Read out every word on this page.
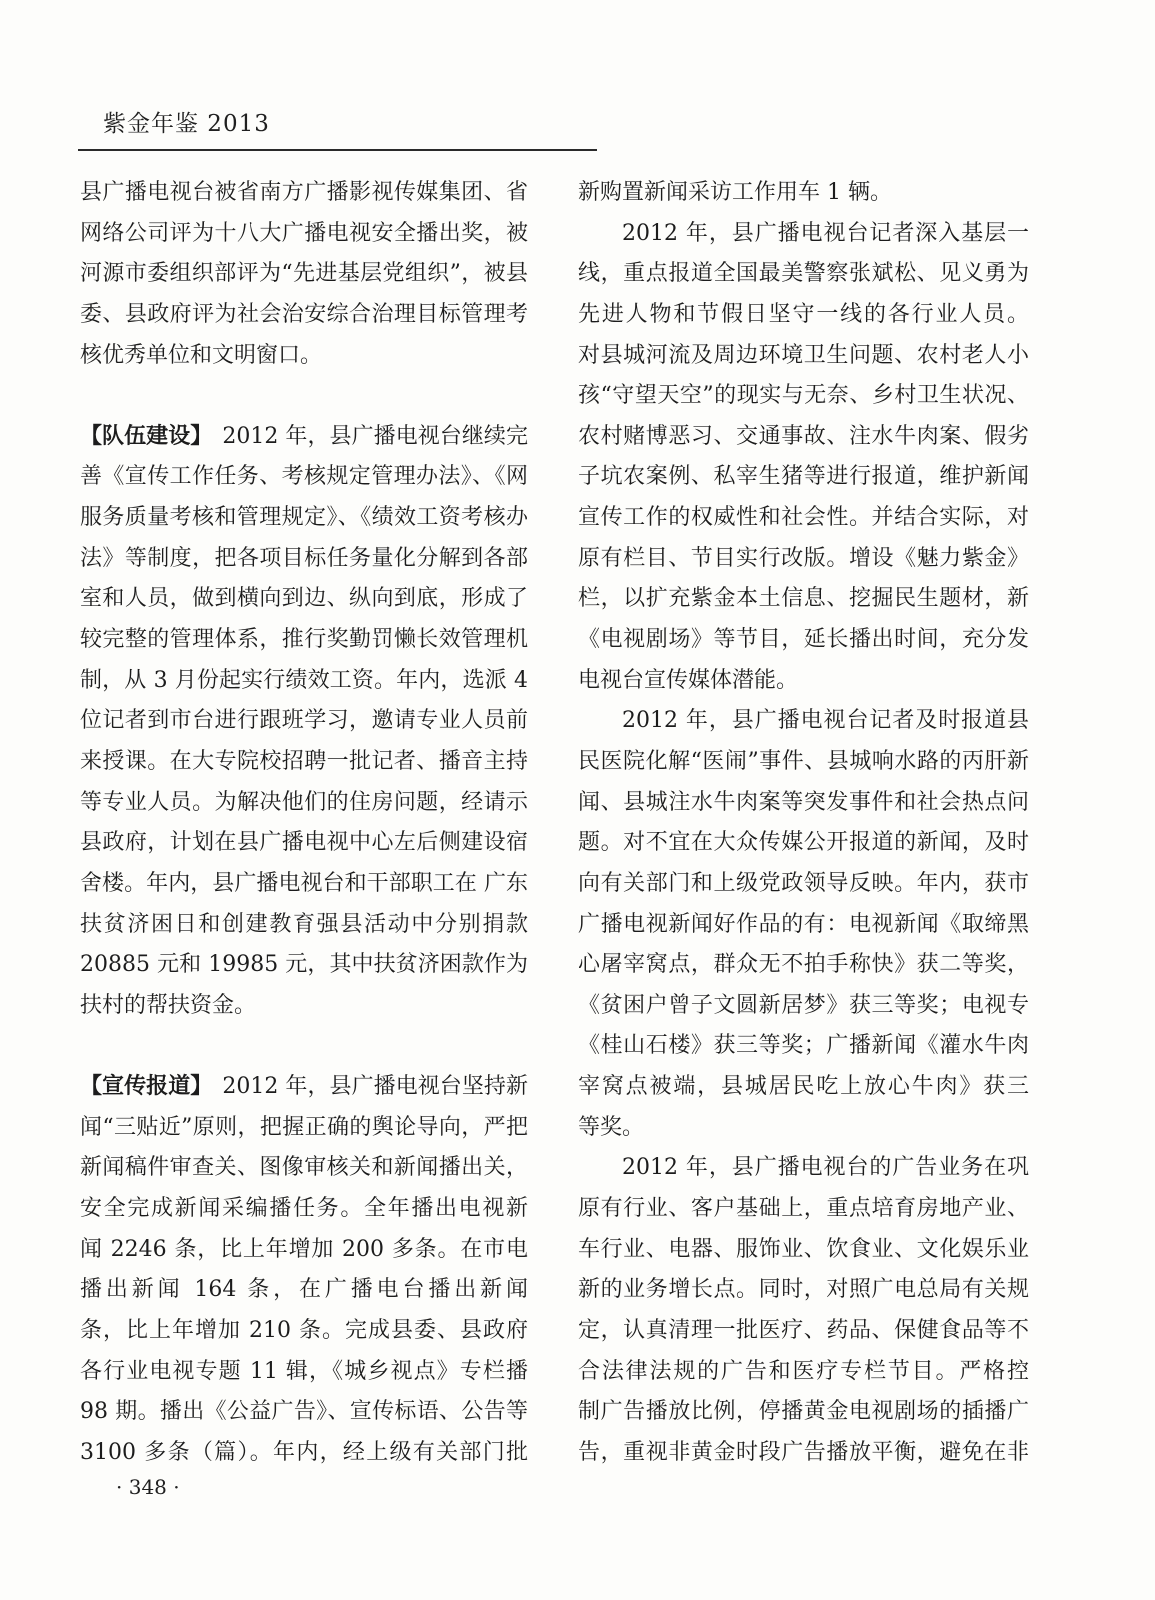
紫金年鉴 2013
县广播电视台被省南方广播影视传媒集团、省
网络公司评为十八大广播电视安全播出奖，被
河源市委组织部评为“先进基层党组织”，被县
委、县政府评为社会治安综合治理目标管理考
核优秀单位和文明窗口。
【队伍建设】 2012 年，县广播电视台继续完
善《宣传工作任务、考核规定管理办法》、《网
服务质量考核和管理规定》、《绩效工资考核办
法》等制度，把各项目标任务量化分解到各部
室和人员，做到横向到边、纵向到底，形成了
较完整的管理体系，推行奖勤罚懒长效管理机
制，从 3 月份起实行绩效工资。年内，选派 4
位记者到市台进行跟班学习，邀请专业人员前
来授课。在大专院校招聘一批记者、播音主持
等专业人员。为解决他们的住房问题，经请示
县政府，计划在县广播电视中心左后侧建设宿
舍楼。年内，县广播电视台和干部职工在 广东
扶贫济困日和创建教育强县活动中分别捐款
20885 元和 19985 元，其中扶贫济困款作为
扶村的帮扶资金。
【宣传报道】 2012 年，县广播电视台坚持新
闻“三贴近”原则，把握正确的舆论导向，严把
新闻稿件审查关、图像审核关和新闻播出关，
安全完成新闻采编播任务。全年播出电视新
闻 2246 条，比上年增加 200 多条。在市电
播出新闻 164 条，在广播电台播出新闻
条，比上年增加 210 条。完成县委、县政府
各行业电视专题 11 辑，《城乡视点》专栏播
98 期。播出《公益广告》、宣传标语、公告等
3100 多条（篇）。年内，经上级有关部门批
新购置新闻采访工作用车 1 辆。
2012 年，县广播电视台记者深入基层一
线，重点报道全国最美警察张斌松、见义勇为
先进人物和节假日坚守一线的各行业人员。
对县城河流及周边环境卫生问题、农村老人小
孩“守望天空”的现实与无奈、乡村卫生状况、
农村赌博恶习、交通事故、注水牛肉案、假劣
子坑农案例、私宰生猪等进行报道，维护新闻
宣传工作的权威性和社会性。并结合实际，对
原有栏目、节目实行改版。增设《魅力紫金》
栏，以扩充紫金本土信息、挖掘民生题材，新
《电视剧场》等节目，延长播出时间，充分发
电视台宣传媒体潜能。
2012 年，县广播电视台记者及时报道县
民医院化解“医闹”事件、县城响水路的丙肝新
闻、县城注水牛肉案等突发事件和社会热点问
题。对不宜在大众传媒公开报道的新闻，及时
向有关部门和上级党政领导反映。年内，获市
广播电视新闻好作品的有：电视新闻《取缔黑
心屠宰窝点，群众无不拍手称快》获二等奖，
《贫困户曾子文圆新居梦》获三等奖；电视专
《桂山石楼》获三等奖；广播新闻《灌水牛肉
宰窝点被端，县城居民吃上放心牛肉》获三
等奖。
2012 年，县广播电视台的广告业务在巩
原有行业、客户基础上，重点培育房地产业、
车行业、电器、服饰业、饮食业、文化娱乐业
新的业务增长点。同时，对照广电总局有关规
定，认真清理一批医疗、药品、保健食品等不
合法律法规的广告和医疗专栏节目。严格控
制广告播放比例，停播黄金电视剧场的插播广
告，重视非黄金时段广告播放平衡，避免在非
· 348 ·
